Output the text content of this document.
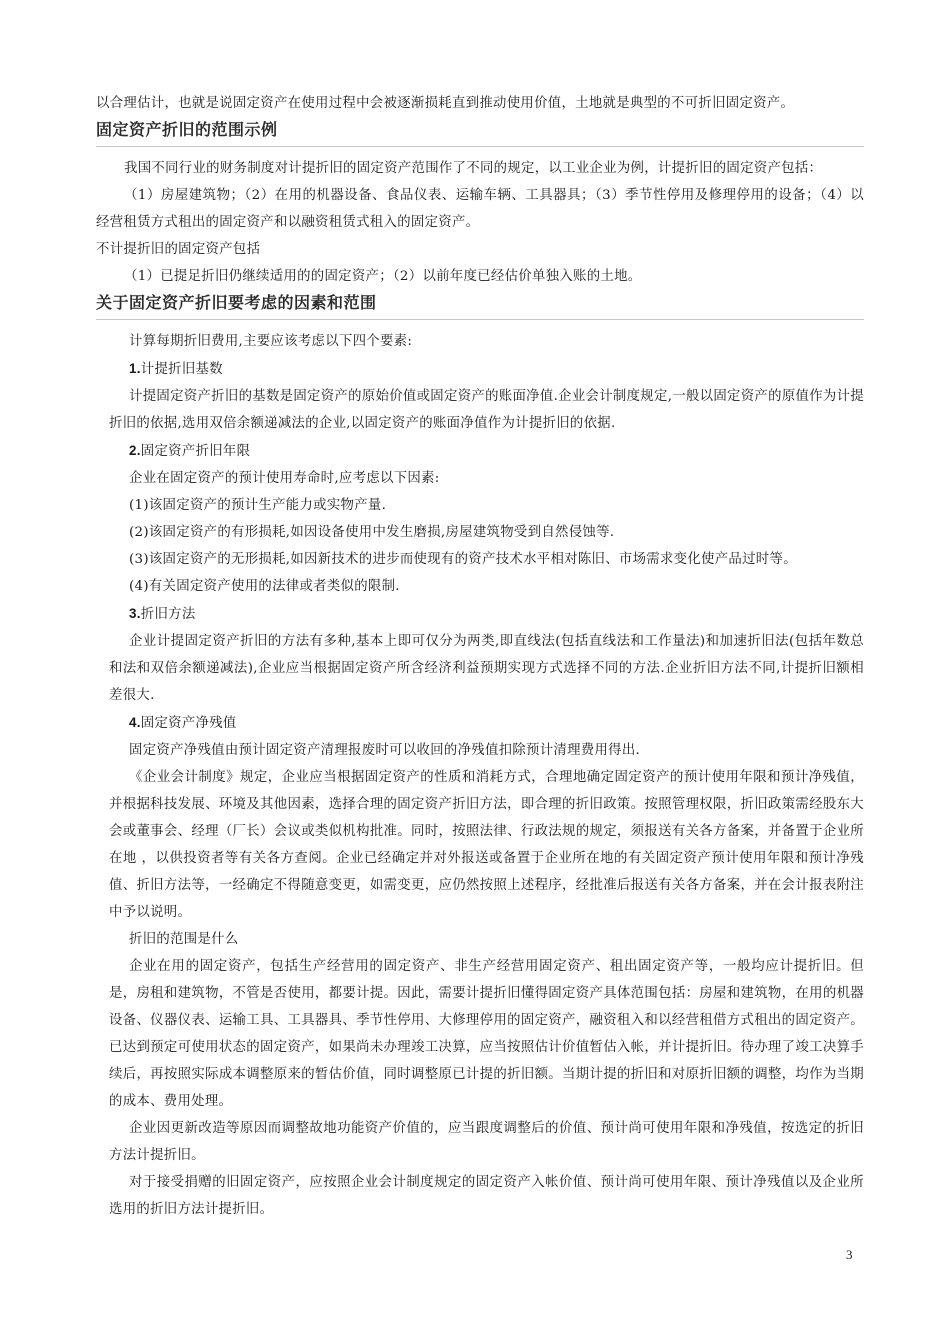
以合理估计，也就是说固定资产在使用过程中会被逐渐损耗直到推动使用价值，土地就是典型的不可折旧固定资产。

固定资产折旧的范围示例

我国不同行业的财务制度对计提折旧的固定资产范围作了不同的规定，以工业企业为例，计提折旧的固定资产包括：

（1）房屋建筑物；（2）在用的机器设备、食品仪表、运输车辆、工具器具；（3）季节性停用及修理停用的设备；（4）以经营租赁方式租出的固定资产和以融资租赁式租入的固定资产。

不计提折旧的固定资产包括

（1）已提足折旧仍继续适用的的固定资产；（2）以前年度已经估价单独入账的土地。

关于固定资产折旧要考虑的因素和范围

计算每期折旧费用,主要应该考虑以下四个要素:

1.计提折旧基数

计提固定资产折旧的基数是固定资产的原始价值或固定资产的账面净值.企业会计制度规定,一般以固定资产的原值作为计提折旧的依据,选用双倍余额递减法的企业,以固定资产的账面净值作为计提折旧的依据.

2.固定资产折旧年限

企业在固定资产的预计使用寿命时,应考虑以下因素:

(1)该固定资产的预计生产能力或实物产量.

(2)该固定资产的有形损耗,如因设备使用中发生磨损,房屋建筑物受到自然侵蚀等.

(3)该固定资产的无形损耗,如因新技术的进步而使现有的资产技术水平相对陈旧、市场需求变化使产品过时等。

(4)有关固定资产使用的法律或者类似的限制.

3.折旧方法

企业计提固定资产折旧的方法有多种,基本上即可仅分为两类,即直线法(包括直线法和工作量法)和加速折旧法(包括年数总和法和双倍余额递减法),企业应当根据固定资产所含经济利益预期实现方式选择不同的方法.企业折旧方法不同,计提折旧额相差很大.

4.固定资产净残值

固定资产净残值由预计固定资产清理报废时可以收回的净残值扣除预计清理费用得出.

《企业会计制度》规定，企业应当根据固定资产的性质和消耗方式，合理地确定固定资产的预计使用年限和预计净残值，并根据科技发展、环境及其他因素，选择合理的固定资产折旧方法，即合理的折旧政策。按照管理权限，折旧政策需经股东大会或董事会、经理（厂长）会议或类似机构批准。同时，按照法律、行政法规的规定，须报送有关各方备案，并备置于企业所在地 ，以供投资者等有关各方查阅。企业已经确定并对外报送或备置于企业所在地的有关固定资产预计使用年限和预计净残值、折旧方法等，一经确定不得随意变更，如需变更，应仍然按照上述程序，经批准后报送有关各方备案，并在会计报表附注中予以说明。

折旧的范围是什么

企业在用的固定资产，包括生产经营用的固定资产、非生产经营用固定资产、租出固定资产等，一般均应计提折旧。但是，房租和建筑物，不管是否使用，都要计提。因此，需要计提折旧懂得固定资产具体范围包括：房屋和建筑物，在用的机器设备、仪器仪表、运输工具、工具器具、季节性停用、大修理停用的固定资产，融资租入和以经营租借方式租出的固定资产。已达到预定可使用状态的固定资产，如果尚未办理竣工决算，应当按照估计价值暂估入帐，并计提折旧。待办理了竣工决算手续后，再按照实际成本调整原来的暂估价值，同时调整原已计提的折旧额。当期计提的折旧和对原折旧额的调整，均作为当期的成本、费用处理。

企业因更新改造等原因而调整故地功能资产价值的，应当跟度调整后的价值、预计尚可使用年限和净残值，按选定的折旧方法计提折旧。

对于接受捐赠的旧固定资产，应按照企业会计制度规定的固定资产入帐价值、预计尚可使用年限、预计净残值以及企业所选用的折旧方法计提折旧。

3
